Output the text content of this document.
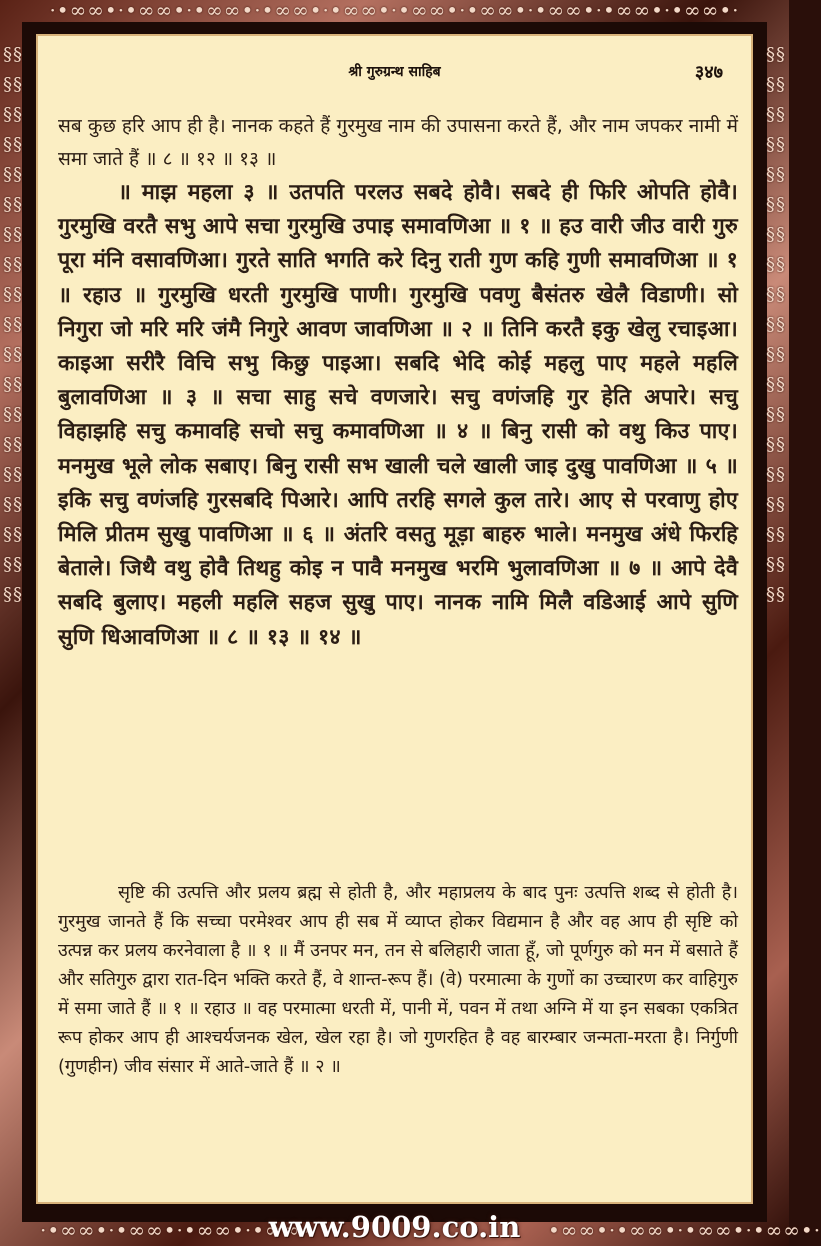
·•∞∞•·•∞∞•·•∞∞•·•∞∞•·•∞∞•·•∞∞•·•∞∞•·•∞∞•·•∞∞•·•∞∞•·
·•∞∞•·•∞∞•·•∞∞•·•∞∞•	•∞∞•·•∞∞•·•∞∞•·•∞∞•·
§§§§§§§§§§§§§§§§§§§§§§§§§§§§§§§§§§§§§§
§§§§§§§§§§§§§§§§§§§§§§§§§§§§§§§§§§§§§§
श्री गुरुग्रन्थ साहिब	३४७

सब कुछ हरि आप ही है। नानक कहते हैं गुरमुख नाम की उपासना करते हैं, और नाम जपकर नामी में समा जाते हैं ॥ ८ ॥ १२ ॥ १३ ॥

॥ माझ महला ३ ॥ उतपति परलउ सबदे होवै। सबदे ही फिरि ओपति होवै। गुरमुखि वरतै सभु आपे सचा गुरमुखि उपाइ समावणिआ ॥ १ ॥ हउ वारी जीउ वारी गुरु पूरा मंनि वसावणिआ। गुरते साति भगति करे दिनु राती गुण कहि गुणी समावणिआ ॥ १ ॥ रहाउ ॥ गुरमुखि धरती गुरमुखि पाणी। गुरमुखि पवणु बैसंतरु खेलै विडाणी। सो निगुरा जो मरि मरि जंमै निगुरे आवण जावणिआ ॥ २ ॥ तिनि करतै इकु खेलु रचाइआ। काइआ सरीरै विचि सभु किछु पाइआ। सबदि भेदि कोई महलु पाए महले महलि बुलावणिआ ॥ ३ ॥ सचा साहु सचे वणजारे। सचु वणंजहि गुर हेति अपारे। सचु विहाझहि सचु कमावहि सचो सचु कमावणिआ ॥ ४ ॥ बिनु रासी को वथु किउ पाए। मनमुख भूले लोक सबाए। बिनु रासी सभ खाली चले खाली जाइ दुखु पावणिआ ॥ ५ ॥ इकि सचु वणंजहि गुरसबदि पिआरे। आपि तरहि सगले कुल तारे। आए से परवाणु होए मिलि प्रीतम सुखु पावणिआ ॥ ६ ॥ अंतरि वसतु मूड़ा बाहरु भाले। मनमुख अंधे फिरहि बेताले। जिथै वथु होवै तिथहु कोइ न पावै मनमुख भरमि भुलावणिआ ॥ ७ ॥ आपे देवै सबदि बुलाए। महली महलि सहज सुखु पाए। नानक नामि मिलै वडिआई आपे सुणि सुणि धिआवणिआ ॥ ८ ॥ १३ ॥ १४ ॥

सृष्टि की उत्पत्ति और प्रलय ब्रह्म से होती है, और महाप्रलय के बाद पुनः उत्पत्ति शब्द से होती है। गुरमुख जानते हैं कि सच्चा परमेश्वर आप ही सब में व्याप्त होकर विद्यमान है और वह आप ही सृष्टि को उत्पन्न कर प्रलय करनेवाला है ॥ १ ॥ मैं उनपर मन, तन से बलिहारी जाता हूँ, जो पूर्णगुरु को मन में बसाते हैं और सतिगुरु द्वारा रात-दिन भक्ति करते हैं, वे शान्त-रूप हैं। (वे) परमात्मा के गुणों का उच्चारण कर वाहिगुरु में समा जाते हैं ॥ १ ॥ रहाउ ॥ वह परमात्मा धरती में, पानी में, पवन में तथा अग्नि में या इन सबका एकत्रित रूप होकर आप ही आश्चर्यजनक खेल, खेल रहा है। जो गुणरहित है वह बारम्बार जन्मता-मरता है। निर्गुणी (गुणहीन) जीव संसार में आते-जाते हैं ॥ २ ॥

www.9009.co.in
